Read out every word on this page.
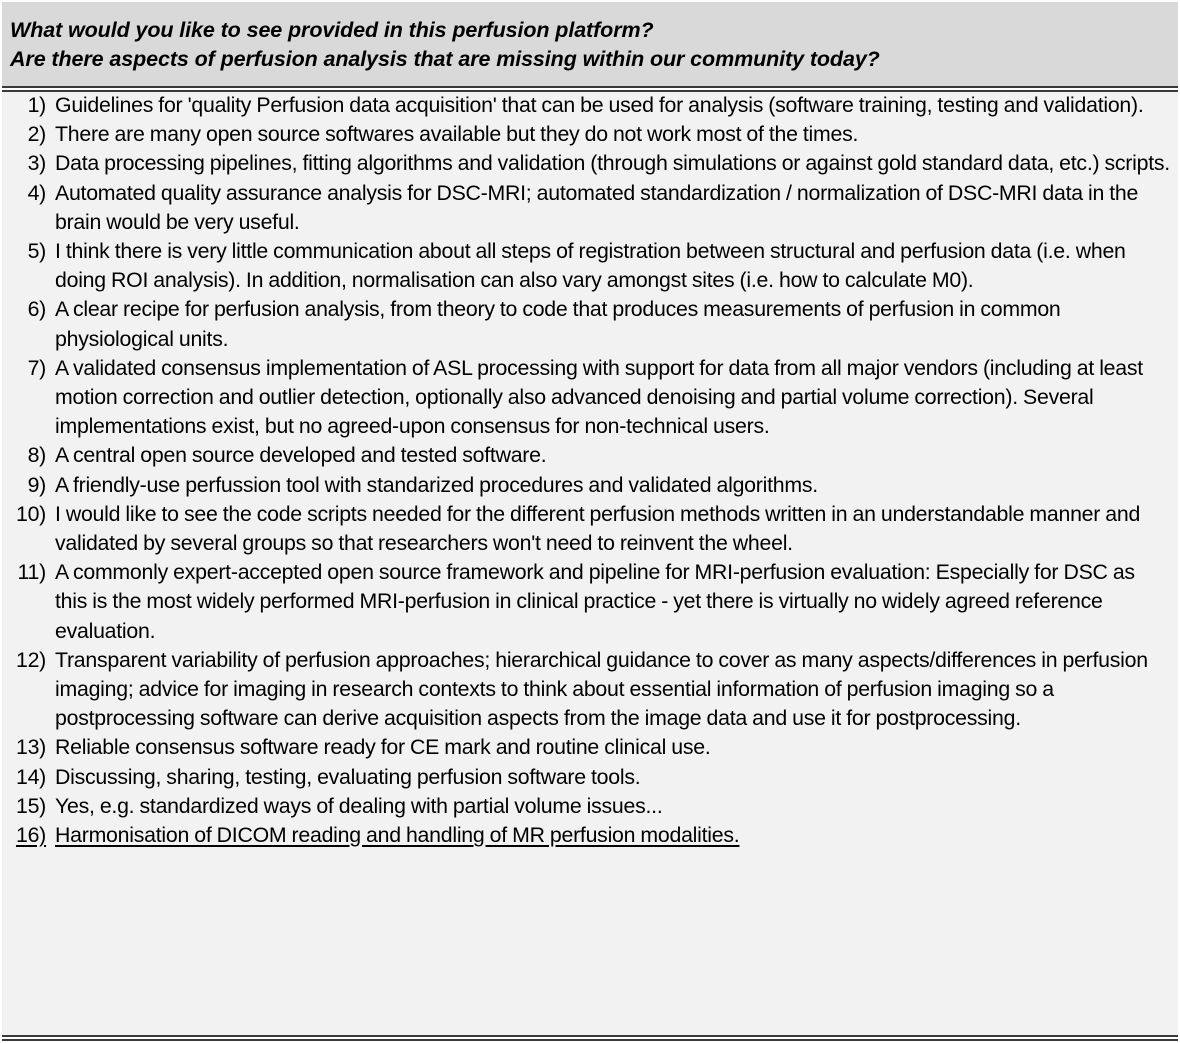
What would you like to see provided in this perfusion platform?
Are there aspects of perfusion analysis that are missing within our community today?
1) Guidelines for 'quality Perfusion data acquisition' that can be used for analysis (software training, testing and validation).
2) There are many open source softwares available but they do not work most of the times.
3) Data processing pipelines, fitting algorithms and validation (through simulations or against gold standard data, etc.) scripts.
4) Automated quality assurance analysis for DSC-MRI; automated standardization / normalization of DSC-MRI data in the brain would be very useful.
5) I think there is very little communication about all steps of registration between structural and perfusion data (i.e. when doing ROI analysis). In addition, normalisation can also vary amongst sites (i.e. how to calculate M0).
6) A clear recipe for perfusion analysis, from theory to code that produces measurements of perfusion in common physiological units.
7) A validated consensus implementation of ASL processing with support for data from all major vendors (including at least motion correction and outlier detection, optionally also advanced denoising and partial volume correction). Several implementations exist, but no agreed-upon consensus for non-technical users.
8) A central open source developed and tested software.
9) A friendly-use perfussion tool with standarized procedures and validated algorithms.
10) I would like to see the code scripts needed for the different perfusion methods written in an understandable manner and validated by several groups so that researchers won't need to reinvent the wheel.
11) A commonly expert-accepted open source framework and pipeline for MRI-perfusion evaluation: Especially for DSC as this is the most widely performed MRI-perfusion in clinical practice - yet there is virtually no widely agreed reference evaluation.
12) Transparent variability of perfusion approaches; hierarchical guidance to cover as many aspects/differences in perfusion imaging; advice for imaging in research contexts to think about essential information of perfusion imaging so a postprocessing software can derive acquisition aspects from the image data and use it for postprocessing.
13) Reliable consensus software ready for CE mark and routine clinical use.
14) Discussing, sharing, testing, evaluating perfusion software tools.
15) Yes, e.g. standardized ways of dealing with partial volume issues...
16) Harmonisation of DICOM reading and handling of MR perfusion modalities.
